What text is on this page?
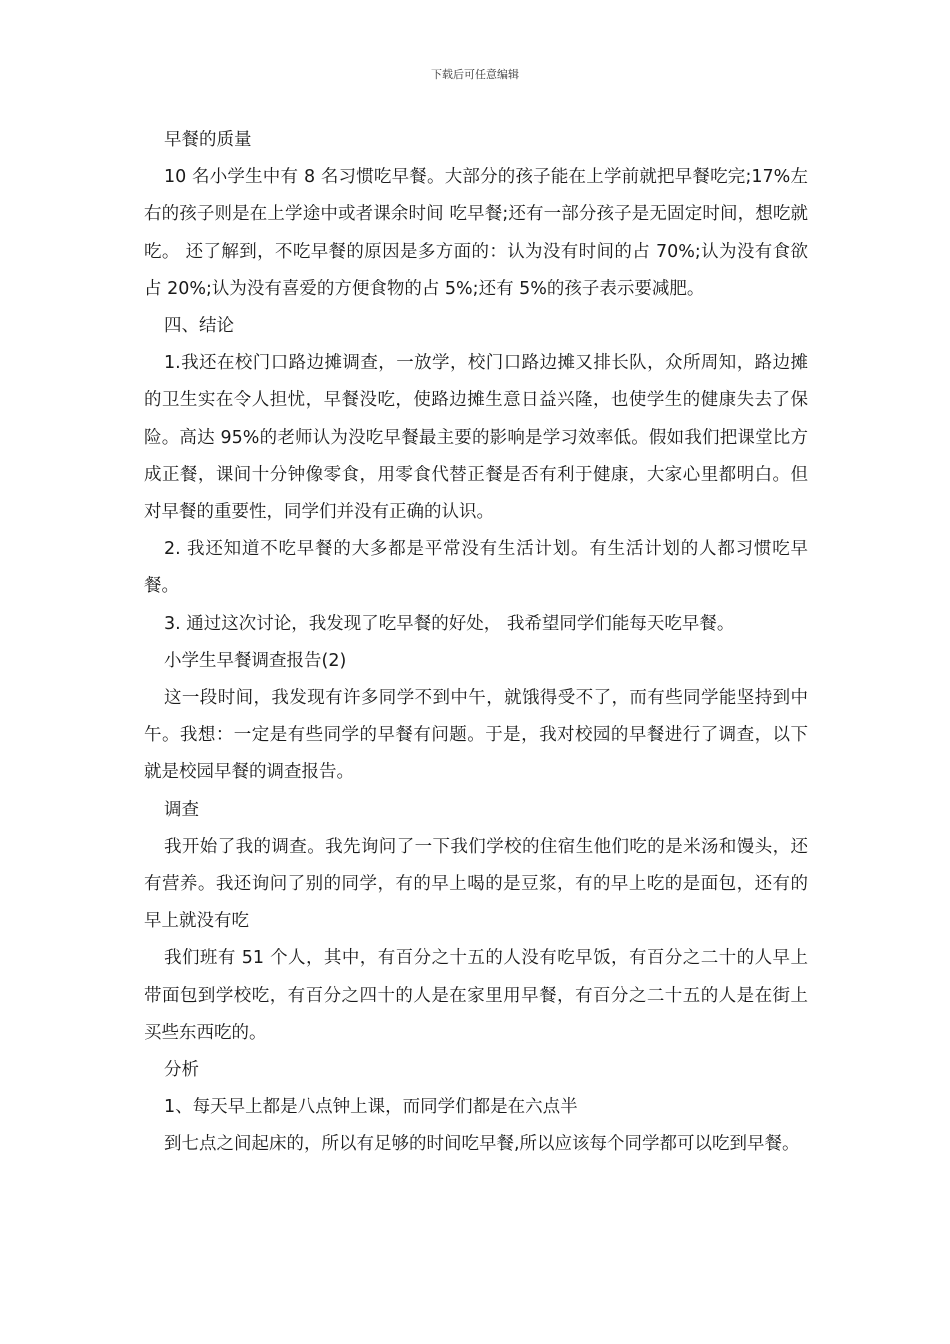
下载后可任意编辑

早餐的质量

10 名小学生中有 8 名习惯吃早餐。大部分的孩子能在上学前就把早餐吃完;17%左右的孩子则是在上学途中或者课余时间 吃早餐;还有一部分孩子是无固定时间，想吃就吃。 还了解到，不吃早餐的原因是多方面的：认为没有时间的占 70%;认为没有食欲占 20%;认为没有喜爱的方便食物的占 5%;还有 5%的孩子表示要减肥。

四、结论

1.我还在校门口路边摊调查，一放学，校门口路边摊又排长队，众所周知，路边摊的卫生实在令人担忧，早餐没吃，使路边摊生意日益兴隆，也使学生的健康失去了保险。高达 95%的老师认为没吃早餐最主要的影响是学习效率低。假如我们把课堂比方成正餐，课间十分钟像零食，用零食代替正餐是否有利于健康，大家心里都明白。但对早餐的重要性，同学们并没有正确的认识。

2. 我还知道不吃早餐的大多都是平常没有生活计划。有生活计划的人都习惯吃早餐。

3. 通过这次讨论，我发现了吃早餐的好处， 我希望同学们能每天吃早餐。

小学生早餐调查报告(2)

这一段时间，我发现有许多同学不到中午，就饿得受不了，而有些同学能坚持到中午。我想：一定是有些同学的早餐有问题。于是，我对校园的早餐进行了调查，以下就是校园早餐的调查报告。

调查

我开始了我的调查。我先询问了一下我们学校的住宿生他们吃的是米汤和馒头，还有营养。我还询问了别的同学，有的早上喝的是豆浆，有的早上吃的是面包，还有的早上就没有吃

我们班有 51 个人，其中，有百分之十五的人没有吃早饭，有百分之二十的人早上带面包到学校吃，有百分之四十的人是在家里用早餐，有百分之二十五的人是在街上买些东西吃的。

分析

1、每天早上都是八点钟上课，而同学们都是在六点半

到七点之间起床的，所以有足够的时间吃早餐,所以应该每个同学都可以吃到早餐。
